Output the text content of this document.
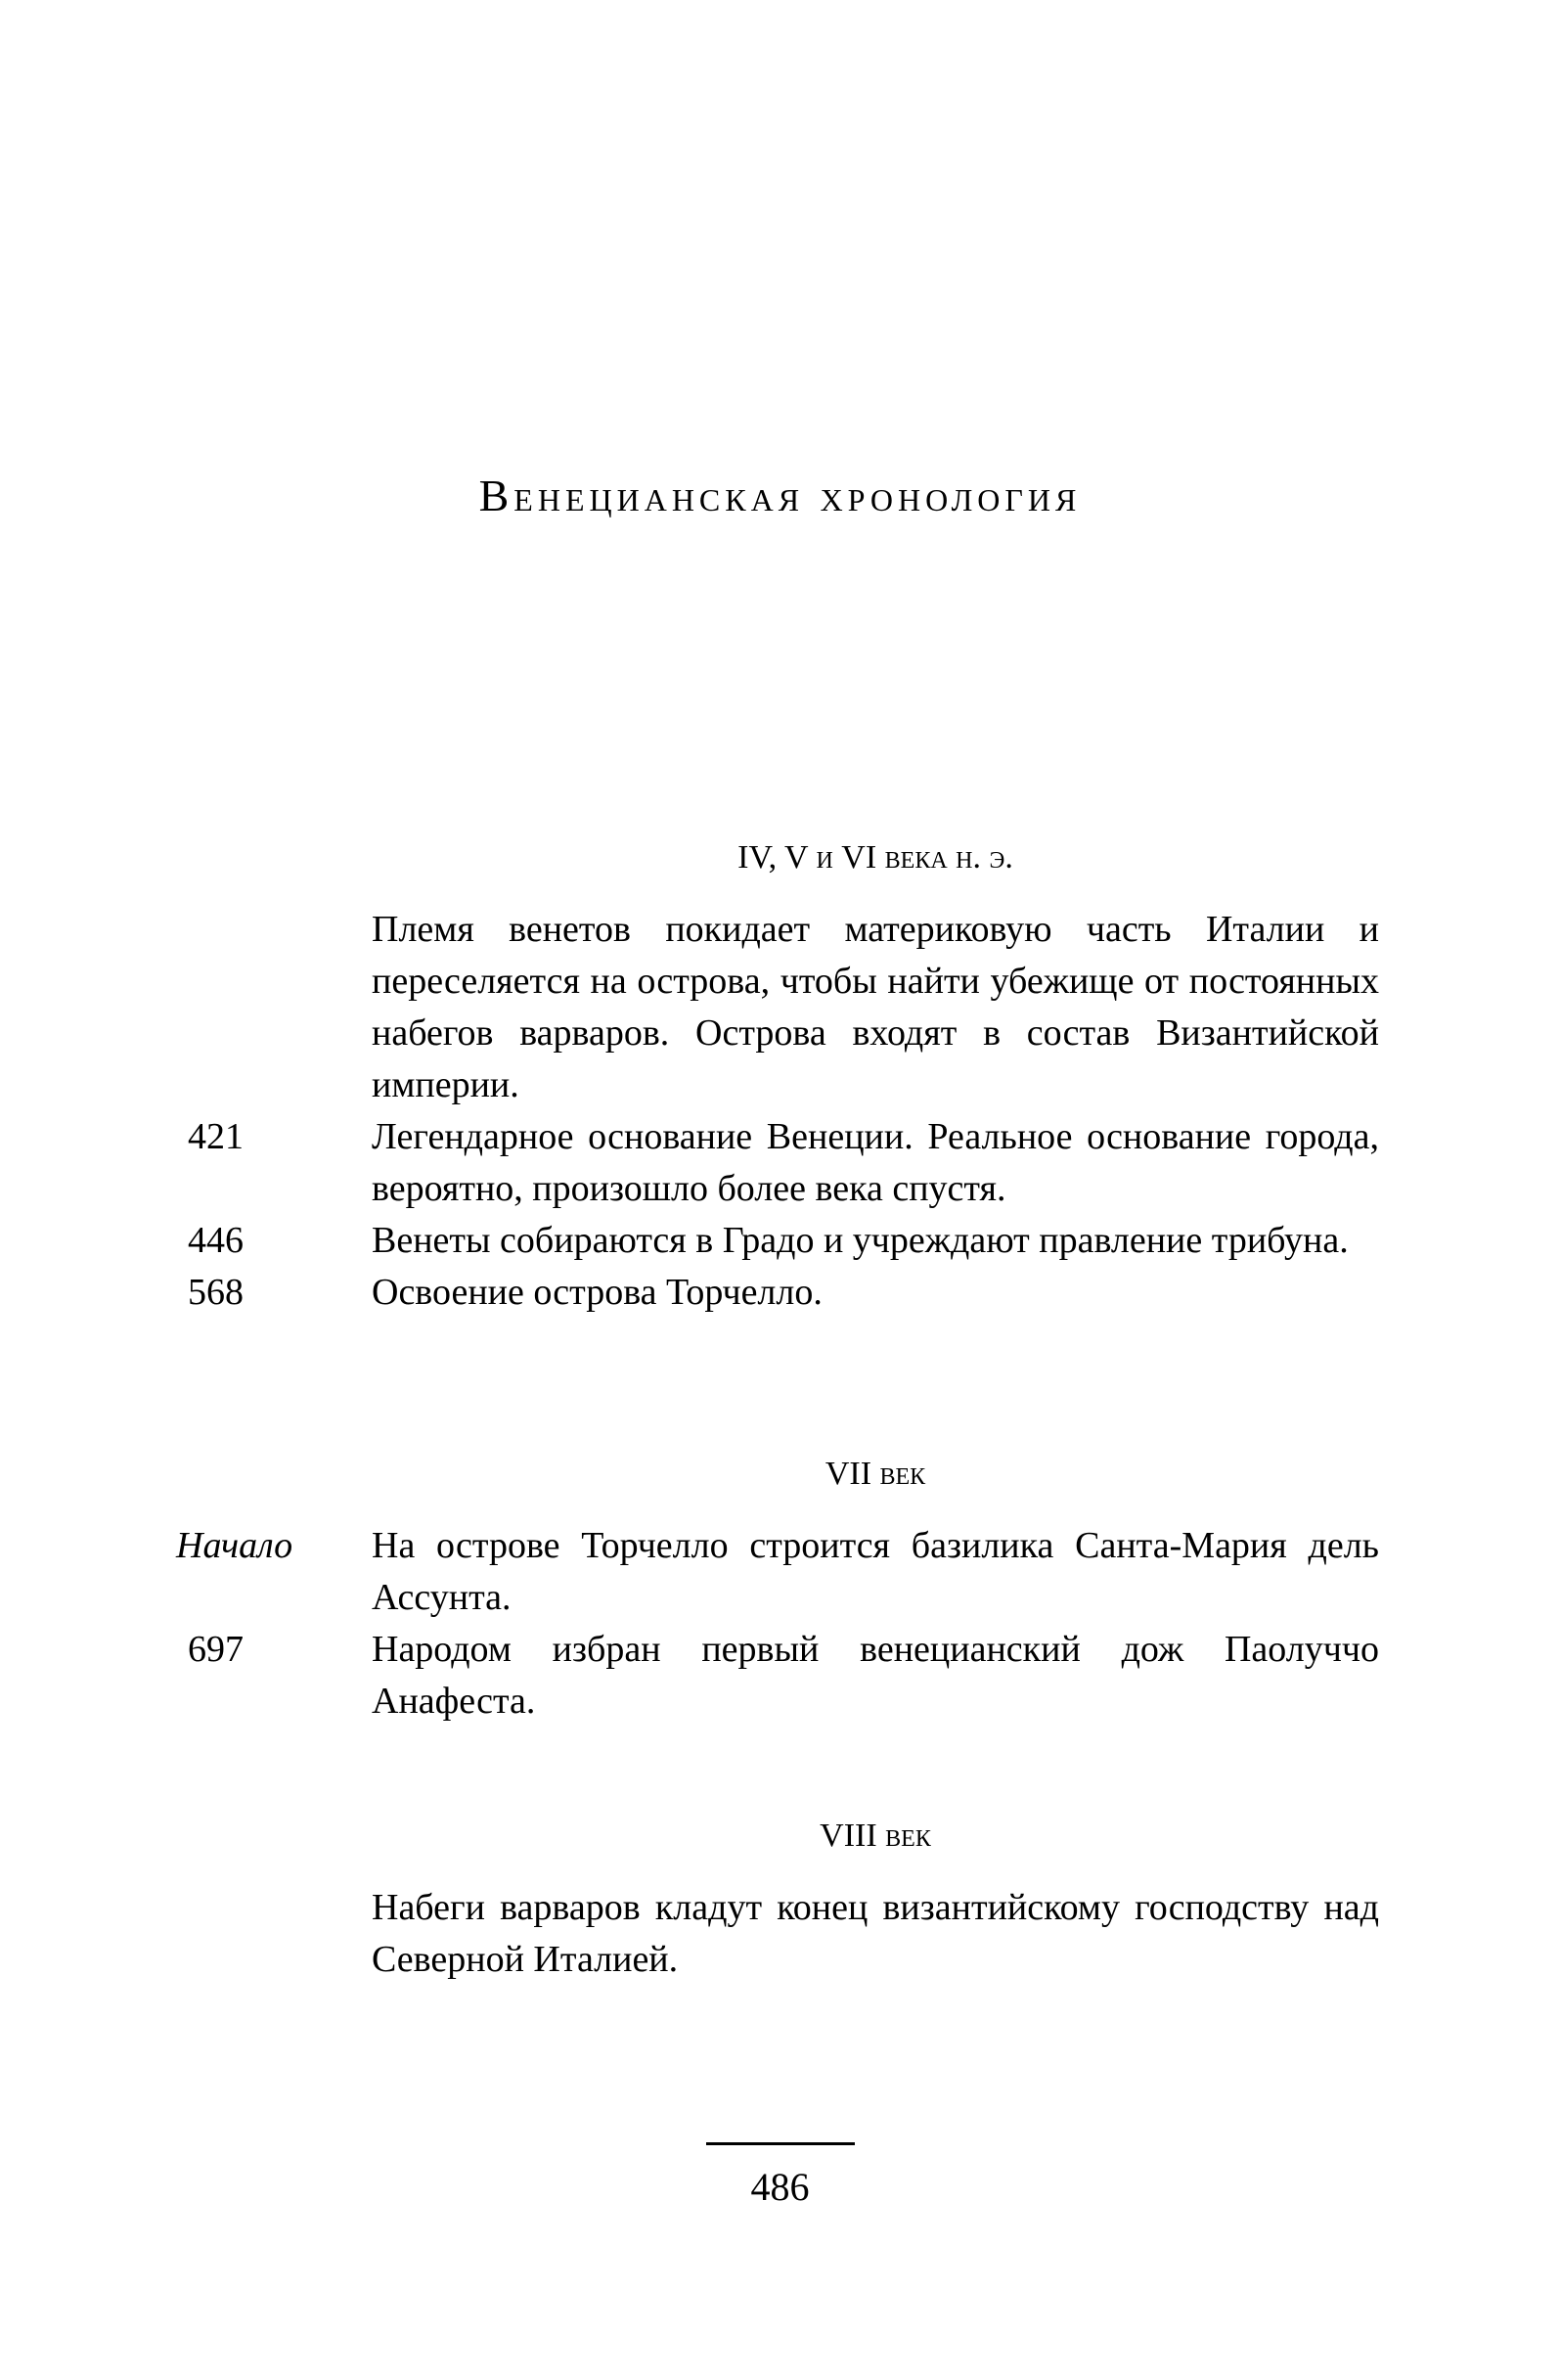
Венецианская хронология
IV, V и VI века н. э.
Племя венетов покидает материковую часть Италии и переселяется на острова, чтобы найти убежище от постоянных набегов варваров. Острова входят в состав Византийской империи.
421	Легендарное основание Венеции. Реальное основание города, вероятно, произошло более века спустя.
446	Венеты собираются в Градо и учреждают правление трибуна.
568	Освоение острова Торчелло.
VII век
Начало	На острове Торчелло строится базилика Санта-Мария дель Ассунта.
697	Народом избран первый венецианский дож Паолуччо Анафеста.
VIII век
Набеги варваров кладут конец византийскому господству над Северной Италией.
486
